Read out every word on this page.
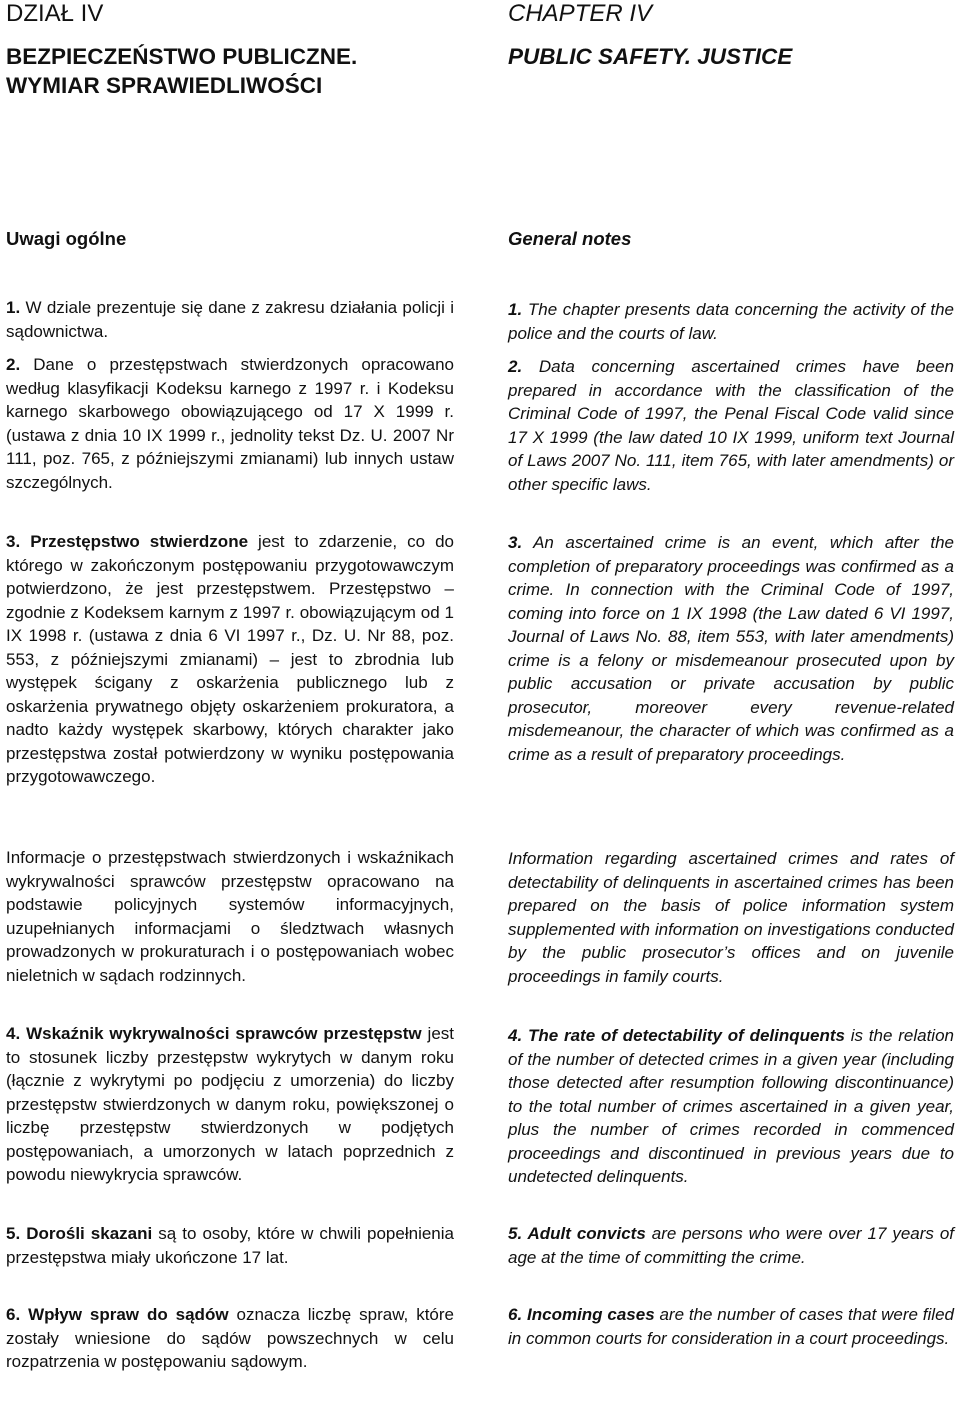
DZIAŁ IV
BEZPIECZEŃSTWO PUBLICZNE.
WYMIAR SPRAWIEDLIWOŚCI
Uwagi ogólne

1. W dziale prezentuje się dane z zakresu działania policji i sądownictwa.

2. Dane o przestępstwach stwierdzonych opracowano według klasyfikacji Kodeksu karnego z 1997 r. i Kodeksu karnego skarbowego obowiązującego od 17 X 1999 r. (ustawa z dnia 10 IX 1999 r., jednolity tekst Dz. U. 2007 Nr 111, poz. 765, z późniejszymi zmianami) lub innych ustaw szczególnych.

3. Przestępstwo stwierdzone jest to zdarzenie, co do którego w zakończonym postępowaniu przygotowawczym potwierdzono, że jest przestępstwem. Przestępstwo – zgodnie z Kodeksem karnym z 1997 r. obowiązującym od 1 IX 1998 r. (ustawa z dnia 6 VI 1997 r., Dz. U. Nr 88, poz. 553, z późniejszymi zmianami) – jest to zbrodnia lub występek ścigany z oskarżenia publicznego lub z oskarżenia prywatnego objęty oskarżeniem prokuratora, a nadto każdy występek skarbowy, których charakter jako przestępstwa został potwierdzony w wyniku postępowania przygotowawczego.

Informacje o przestępstwach stwierdzonych i wskaźnikach wykrywalności sprawców przestępstw opracowano na podstawie policyjnych systemów informacyjnych, uzupełnianych informacjami o śledztwach własnych prowadzonych w prokuraturach i o postępowaniach wobec nieletnich w sądach rodzinnych.

4. Wskaźnik wykrywalności sprawców przestępstw jest to stosunek liczby przestępstw wykrytych w danym roku (łącznie z wykrytymi po podjęciu z umorzenia) do liczby przestępstw stwierdzonych w danym roku, powiększonej o liczbę przestępstw stwierdzonych w podjętych postępowaniach, a umorzonych w latach poprzednich z powodu niewykrycia sprawców.

5. Dorośli skazani są to osoby, które w chwili popełnienia przestępstwa miały ukończone 17 lat.

6. Wpływ spraw do sądów oznacza liczbę spraw, które zostały wniesione do sądów powszechnych w celu rozpatrzenia w postępowaniu sądowym.

CHAPTER IV
PUBLIC SAFETY. JUSTICE
General notes

1. The chapter presents data concerning the activity of the police and the courts of law.

2. Data concerning ascertained crimes have been prepared in accordance with the classification of the Criminal Code of 1997, the Penal Fiscal Code valid since 17 X 1999 (the law dated 10 IX 1999, uniform text Journal of Laws 2007 No. 111, item 765, with later amendments) or other specific laws.

3. An ascertained crime is an event, which after the completion of preparatory proceedings was confirmed as a crime. In connection with the Criminal Code of 1997, coming into force on 1 IX 1998 (the Law dated 6 VI 1997, Journal of Laws No. 88, item 553, with later amendments) crime is a felony or misdemeanour prosecuted upon by public accusation or private accusation by public prosecutor, moreover every revenue-related misdemeanour, the character of which was confirmed as a crime as a result of preparatory proceedings.

Information regarding ascertained crimes and rates of detectability of delinquents in ascertained crimes has been prepared on the basis of police information system supplemented with information on investigations conducted by the public prosecutor’s offices and on juvenile proceedings in family courts.

4. The rate of detectability of delinquents is the relation of the number of detected crimes in a given year (including those detected after resumption following discontinuance) to the total number of crimes ascertained in a given year, plus the number of crimes recorded in commenced proceedings and discontinued in previous years due to undetected delinquents.

5. Adult convicts are persons who were over 17 years of age at the time of committing the crime.

6. Incoming cases are the number of cases that were filed in common courts for consideration in a court proceedings.
